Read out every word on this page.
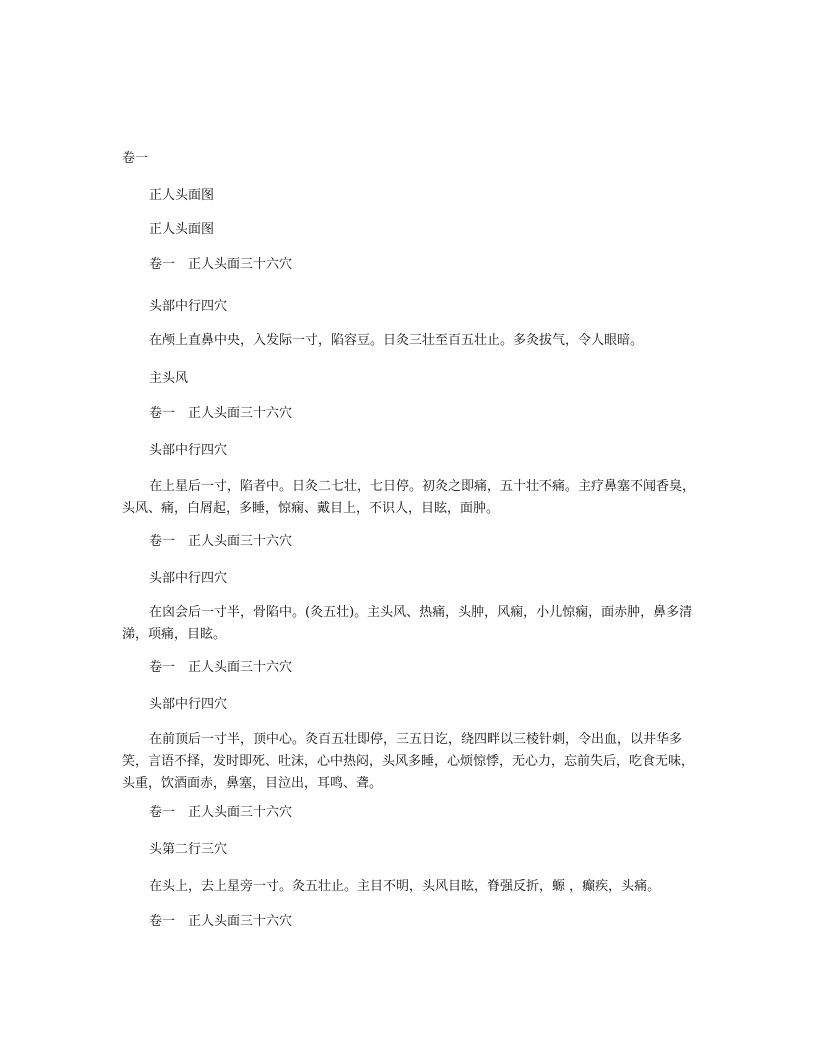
卷一

正人头面图

正人头面图

卷一　正人头面三十六穴

头部中行四穴

在颅上直鼻中央，入发际一寸，陷容豆。日灸三壮至百五壮止。多灸拔气，令人眼暗。

主头风

卷一　正人头面三十六穴

头部中行四穴

在上星后一寸，陷者中。日灸二七壮，七日停。初灸之即痛，五十壮不痛。主疗鼻塞不闻香臭，头风、痛，白屑起，多睡，惊痫、戴目上，不识人，目眩，面肿。

卷一　正人头面三十六穴

头部中行四穴

在囟会后一寸半，骨陷中。(灸五壮)。主头风、热痛，头肿，风痫，小儿惊痫，面赤肿，鼻多清涕，项痛，目眩。

卷一　正人头面三十六穴

头部中行四穴

在前顶后一寸半，顶中心。灸百五壮即停，三五日讫，绕四畔以三棱针刺，令出血，以井华多笑，言语不择，发时即死、吐沫，心中热闷，头风多睡，心烦惊悸，无心力，忘前失后，吃食无味，头重，饮酒面赤，鼻塞，目泣出，耳鸣、聋。

卷一　正人头面三十六穴

头第二行三穴

在头上，去上星旁一寸。灸五壮止。主目不明，头风目眩，脊强反折，螈 ，癫疾，头痛。

卷一　正人头面三十六穴
